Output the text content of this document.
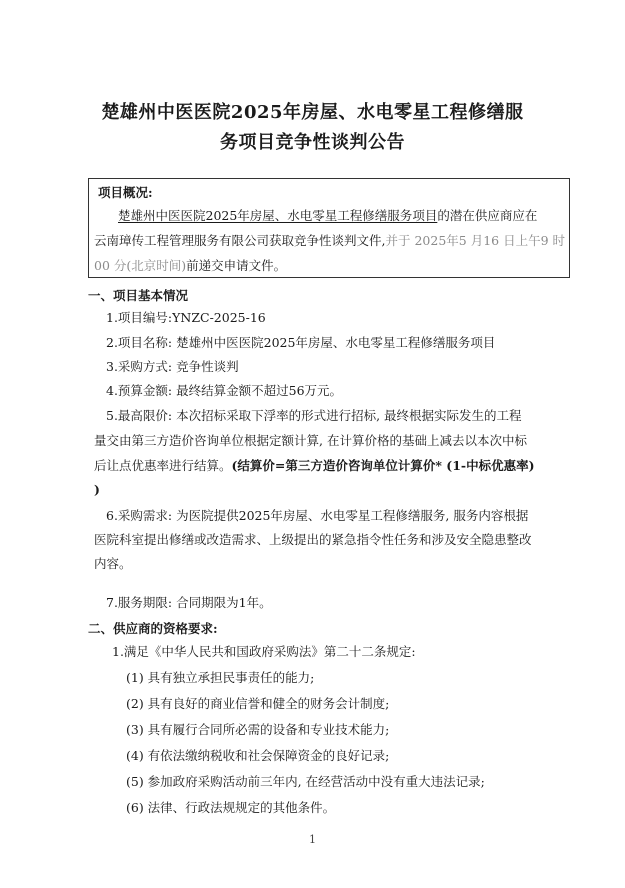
楚雄州中医医院2025年房屋、水电零星工程修缮服
务项目竞争性谈判公告
项目概况:
楚雄州中医医院2025年房屋、水电零星工程修缮服务项目的潜在供应商应在
云南璋传工程管理服务有限公司获取竞争性谈判文件,并于 2025年5 月16 日上午9 时
00 分(北京时间)前递交申请文件。
一、项目基本情况
1.项目编号:YNZC-2025-16
2.项目名称: 楚雄州中医医院2025年房屋、水电零星工程修缮服务项目
3.采购方式: 竞争性谈判
4.预算金额: 最终结算金额不超过56万元。
5.最高限价: 本次招标采取下浮率的形式进行招标, 最终根据实际发生的工程
量交由第三方造价咨询单位根据定额计算, 在计算价格的基础上减去以本次中标
后让点优惠率进行结算。(结算价=第三方造价咨询单位计算价* (1-中标优惠率)
)
6.采购需求: 为医院提供2025年房屋、水电零星工程修缮服务, 服务内容根据
医院科室提出修缮或改造需求、上级提出的紧急指令性任务和涉及安全隐患整改
内容。
7.服务期限: 合同期限为1年。
二、供应商的资格要求:
1.满足《中华人民共和国政府采购法》第二十二条规定:
(1) 具有独立承担民事责任的能力;
(2) 具有良好的商业信誉和健全的财务会计制度;
(3) 具有履行合同所必需的设备和专业技术能力;
(4) 有依法缴纳税收和社会保障资金的良好记录;
(5) 参加政府采购活动前三年内, 在经营活动中没有重大违法记录;
(6) 法律、行政法规规定的其他条件。
1
